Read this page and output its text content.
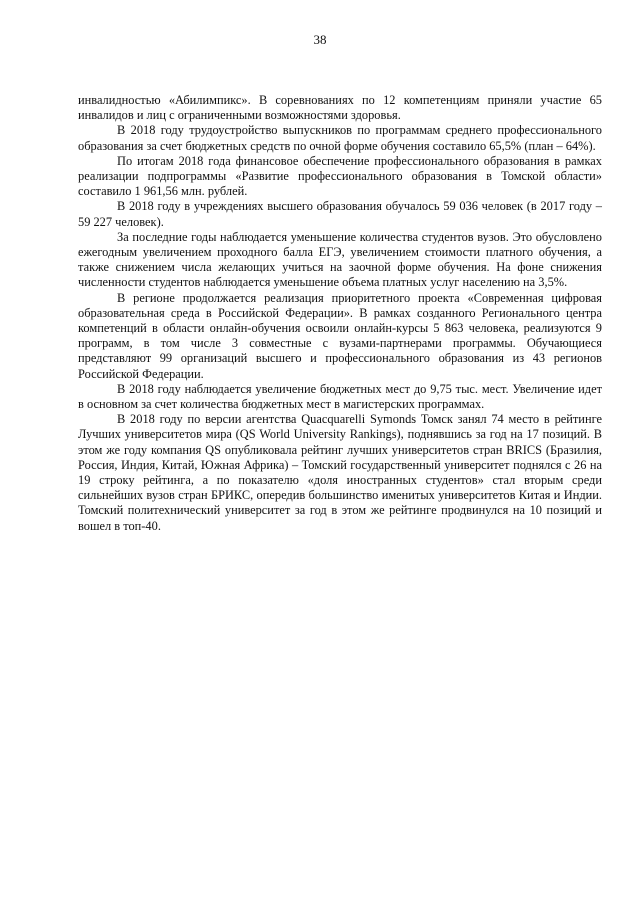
38

инвалидностью «Абилимпикс». В соревнованиях по 12 компетенциям приняли участие 65 инвалидов и лиц с ограниченными возможностями здоровья.

В 2018 году трудоустройство выпускников по программам среднего профессионального образования за счет бюджетных средств по очной форме обучения составило 65,5% (план – 64%).

По итогам 2018 года финансовое обеспечение профессионального образования в рамках реализации подпрограммы «Развитие профессионального образования в Томской области» составило 1 961,56 млн. рублей.

В 2018 году в учреждениях высшего образования обучалось 59 036 человек (в 2017 году – 59 227 человек).

За последние годы наблюдается уменьшение количества студентов вузов. Это обусловлено ежегодным увеличением проходного балла ЕГЭ, увеличением стоимости платного обучения, а также снижением числа желающих учиться на заочной форме обучения. На фоне снижения численности студентов наблюдается уменьшение объема платных услуг населению на 3,5%.

В регионе продолжается реализация приоритетного проекта «Современная цифровая образовательная среда в Российской Федерации». В рамках созданного Регионального центра компетенций в области онлайн-обучения освоили онлайн-курсы 5 863 человека, реализуются 9 программ, в том числе 3 совместные с вузами-партнерами программы. Обучающиеся представляют 99 организаций высшего и профессионального образования из 43 регионов Российской Федерации.

В 2018 году наблюдается увеличение бюджетных мест до 9,75 тыс. мест. Увеличение идет в основном за счет количества бюджетных мест в магистерских программах.

В 2018 году по версии агентства Quacquarelli Symonds Томск занял 74 место в рейтинге Лучших университетов мира (QS World University Rankings), поднявшись за год на 17 позиций. В этом же году компания QS опубликовала рейтинг лучших университетов стран BRICS (Бразилия, Россия, Индия, Китай, Южная Африка) – Томский государственный университет поднялся с 26 на 19 строку рейтинга, а по показателю «доля иностранных студентов» стал вторым среди сильнейших вузов стран БРИКС, опередив большинство именитых университетов Китая и Индии. Томский политехнический университет за год в этом же рейтинге продвинулся на 10 позиций и вошел в топ-40.
